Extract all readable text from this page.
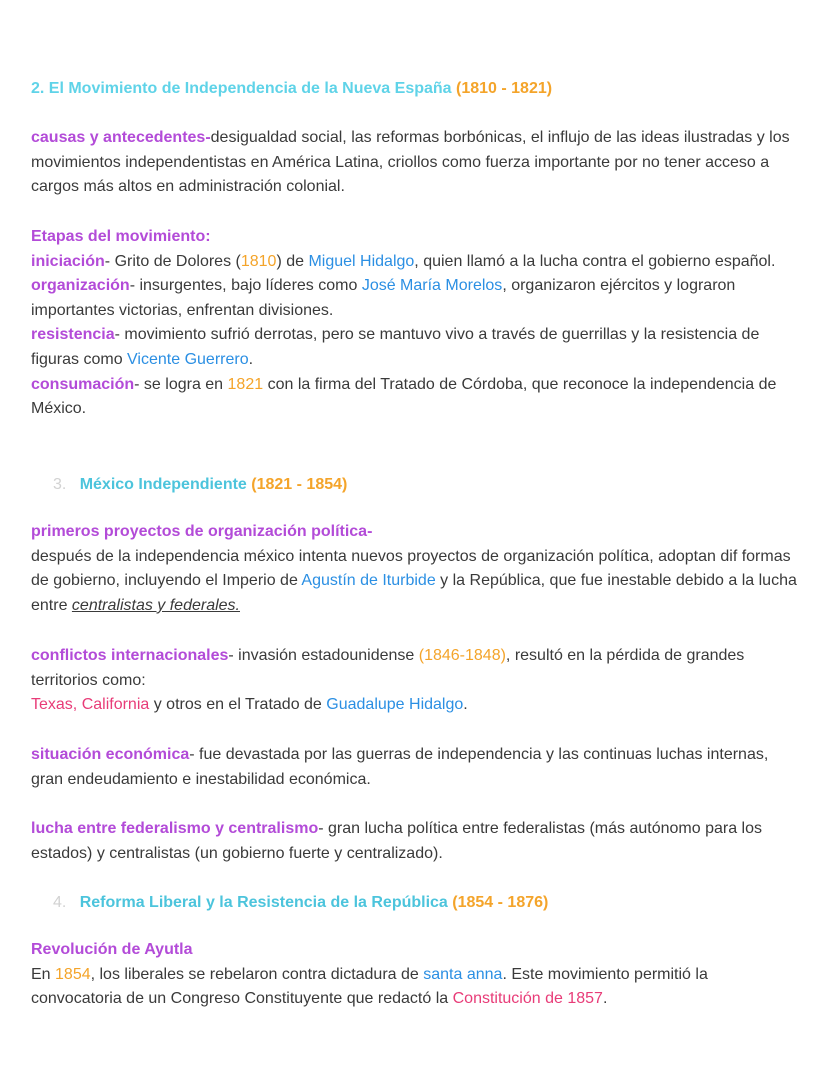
2. El Movimiento de Independencia de la Nueva España (1810 - 1821)
causas y antecedentes-desigualdad social, las reformas borbónicas, el influjo de las ideas ilustradas y los movimientos independentistas en América Latina, criollos como fuerza importante por no tener acceso a cargos más altos en administración colonial.
Etapas del movimiento:
iniciación- Grito de Dolores (1810) de Miguel Hidalgo, quien llamó a la lucha contra el gobierno español.
organización- insurgentes, bajo líderes como José María Morelos, organizaron ejércitos y lograron importantes victorias, enfrentan divisiones.
resistencia- movimiento sufrió derrotas, pero se mantuvo vivo a través de guerrillas y la resistencia de figuras como Vicente Guerrero.
consumación- se logra en 1821 con la firma del Tratado de Córdoba, que reconoce la independencia de México.
3. México Independiente (1821 - 1854)
primeros proyectos de organización política-
después de la independencia méxico intenta nuevos proyectos de organización política, adoptan dif formas de gobierno, incluyendo el Imperio de Agustín de Iturbide y la República, que fue inestable debido a la lucha entre centralistas y federales.
conflictos internacionales- invasión estadounidense (1846-1848), resultó en la pérdida de grandes territorios como:
Texas, California y otros en el Tratado de Guadalupe Hidalgo.
situación económica- fue devastada por las guerras de independencia y las continuas luchas internas, gran endeudamiento e inestabilidad económica.
lucha entre federalismo y centralismo- gran lucha política entre federalistas (más autónomo para los estados) y centralistas (un gobierno fuerte y centralizado).
4. Reforma Liberal y la Resistencia de la República (1854 - 1876)
Revolución de Ayutla
En 1854, los liberales se rebelaron contra dictadura de santa anna. Este movimiento permitió la convocatoria de un Congreso Constituyente que redactó la Constitución de 1857.
